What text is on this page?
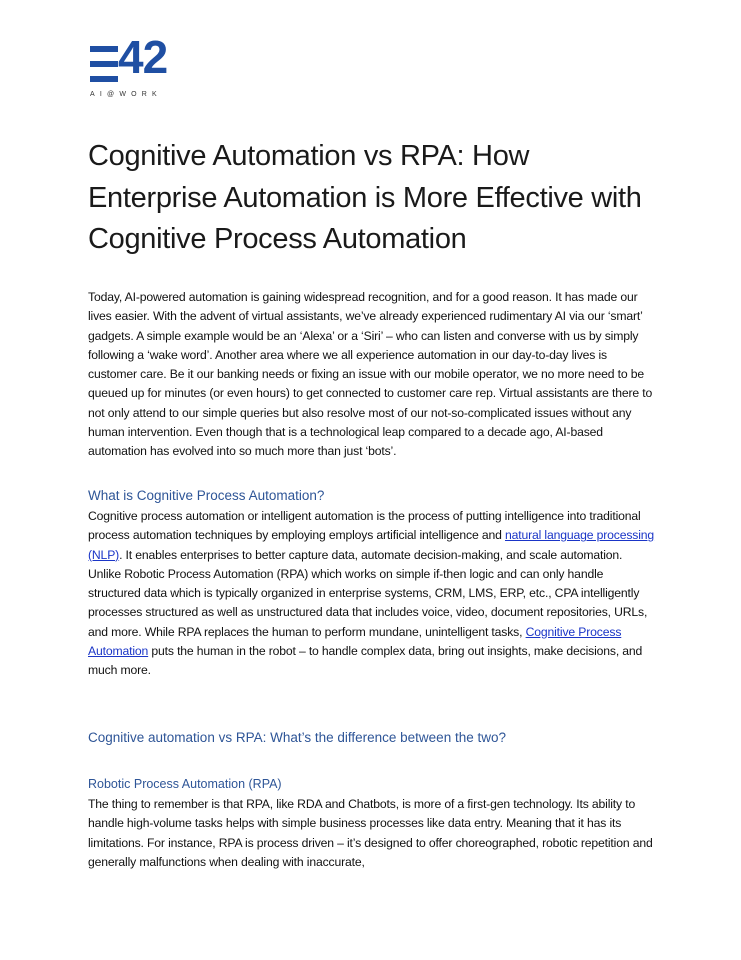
42
AI@WORK
Cognitive Automation vs RPA: How Enterprise Automation is More Effective with Cognitive Process Automation

Today, AI-powered automation is gaining widespread recognition, and for a good reason. It has made our lives easier. With the advent of virtual assistants, we’ve already experienced rudimentary AI via our ‘smart’ gadgets. A simple example would be an ‘Alexa’ or a ‘Siri’ – who can listen and converse with us by simply following a ‘wake word’. Another area where we all experience automation in our day-to-day lives is customer care. Be it our banking needs or fixing an issue with our mobile operator, we no more need to be queued up for minutes (or even hours) to get connected to customer care rep. Virtual assistants are there to not only attend to our simple queries but also resolve most of our not-so-complicated issues without any human intervention. Even though that is a technological leap compared to a decade ago, AI-based automation has evolved into so much more than just ‘bots’.

What is Cognitive Process Automation?

Cognitive process automation or intelligent automation is the process of putting intelligence into traditional process automation techniques by employing employs artificial intelligence and natural language processing (NLP). It enables enterprises to better capture data, automate decision-making, and scale automation. Unlike Robotic Process Automation (RPA) which works on simple if-then logic and can only handle structured data which is typically organized in enterprise systems, CRM, LMS, ERP, etc., CPA intelligently processes structured as well as unstructured data that includes voice, video, document repositories, URLs, and more. While RPA replaces the human to perform mundane, unintelligent tasks, Cognitive Process Automation puts the human in the robot – to handle complex data, bring out insights, make decisions, and much more.

Cognitive automation vs RPA: What’s the difference between the two?
Robotic Process Automation (RPA)

The thing to remember is that RPA, like RDA and Chatbots, is more of a first-gen technology. Its ability to handle high-volume tasks helps with simple business processes like data entry. Meaning that it has its limitations. For instance, RPA is process driven – it’s designed to offer choreographed, robotic repetition and generally malfunctions when dealing with inaccurate,
